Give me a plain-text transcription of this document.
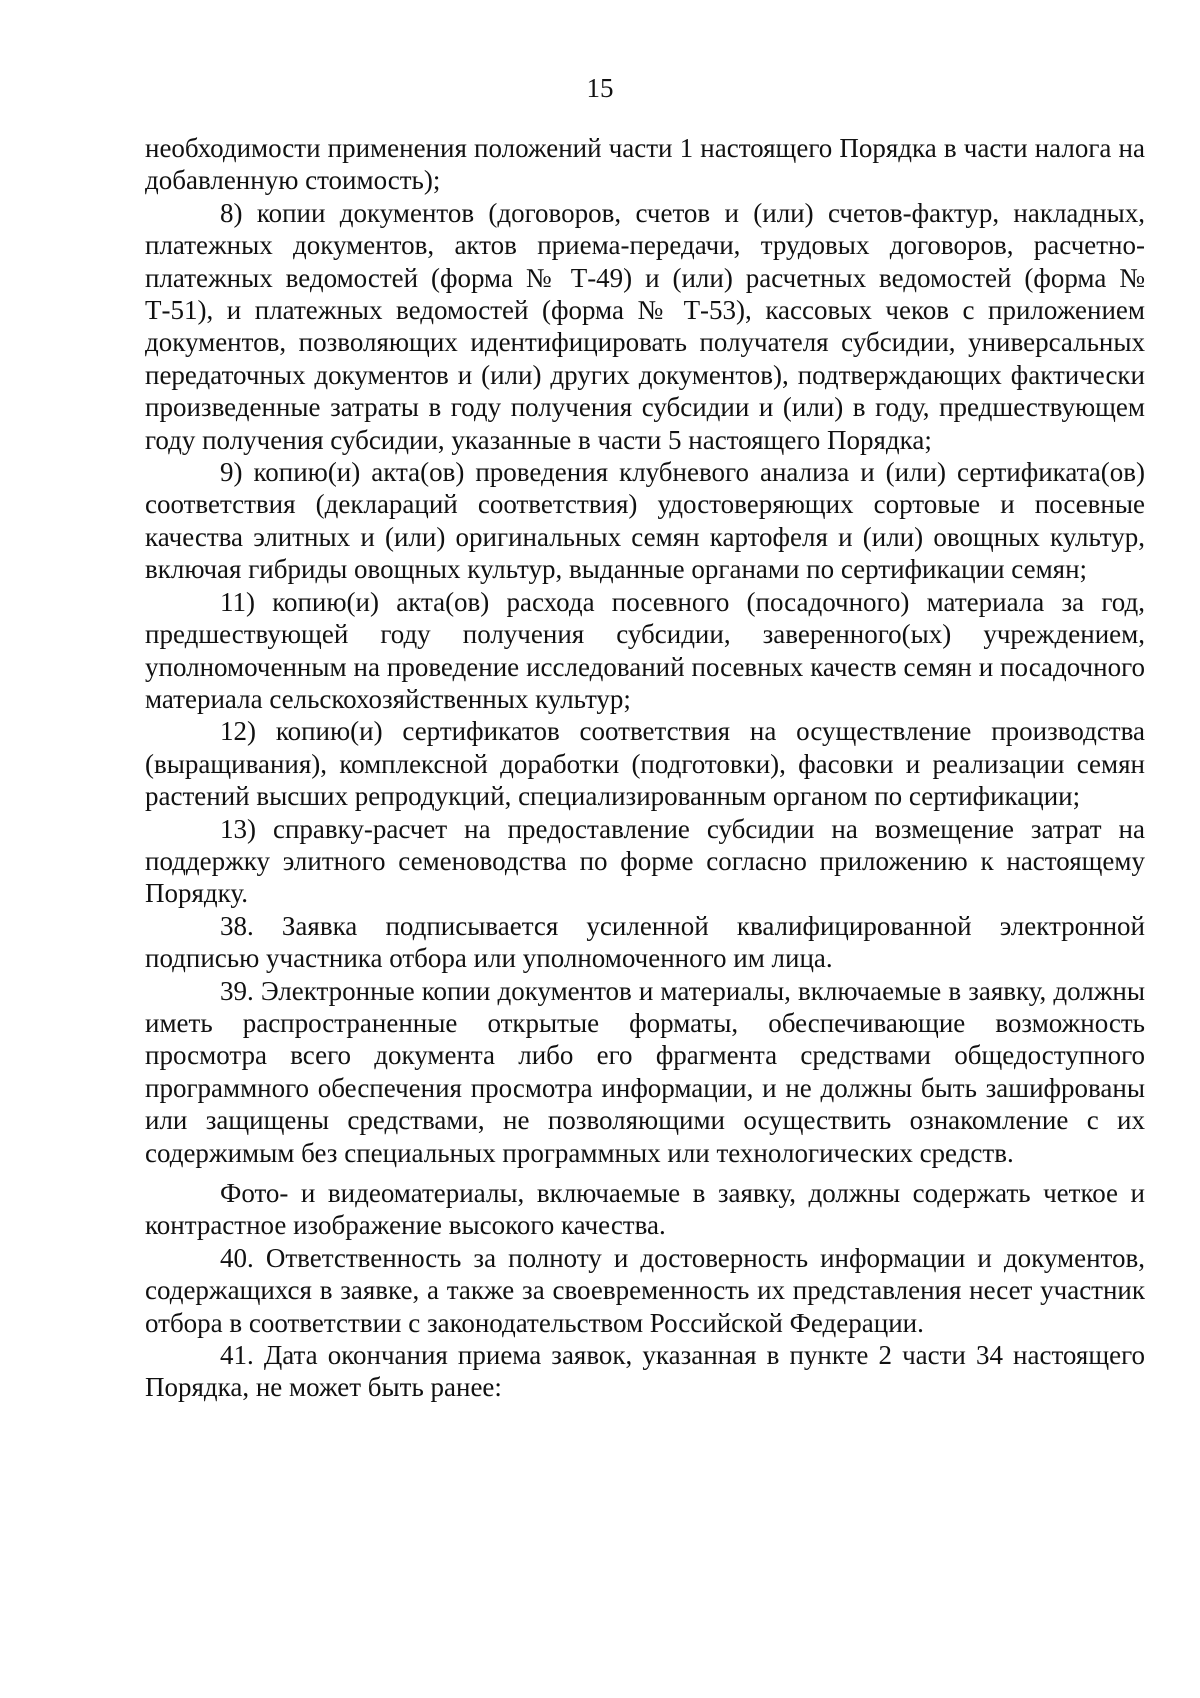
15

необходимости применения положений части 1 настоящего Порядка в части налога на добавленную стоимость);

8) копии документов (договоров, счетов и (или) счетов-фактур, накладных, платежных документов, актов приема-передачи, трудовых договоров, расчетно-платежных ведомостей (форма № Т-49) и (или) расчетных ведомостей (форма № Т-51), и платежных ведомостей (форма № Т-53), кассовых чеков с приложением документов, позволяющих идентифицировать получателя субсидии, универсальных передаточных документов и (или) других документов), подтверждающих фактически произведенные затраты в году получения субсидии и (или) в году, предшествующем году получения субсидии, указанные в части 5 настоящего Порядка;

9) копию(и) акта(ов) проведения клубневого анализа и (или) сертификата(ов) соответствия (деклараций соответствия) удостоверяющих сортовые и посевные качества элитных и (или) оригинальных семян картофеля и (или) овощных культур, включая гибриды овощных культур, выданные органами по сертификации семян;

11) копию(и) акта(ов) расхода посевного (посадочного) материала за год, предшествующей году получения субсидии, заверенного(ых) учреждением, уполномоченным на проведение исследований посевных качеств семян и посадочного материала сельскохозяйственных культур;

12) копию(и) сертификатов соответствия на осуществление производства (выращивания), комплексной доработки (подготовки), фасовки и реализации семян растений высших репродукций, специализированным органом по сертификации;

13) справку-расчет на предоставление субсидии на возмещение затрат на поддержку элитного семеноводства по форме согласно приложению к настоящему Порядку.

38. Заявка подписывается усиленной квалифицированной электронной подписью участника отбора или уполномоченного им лица.

39. Электронные копии документов и материалы, включаемые в заявку, должны иметь распространенные открытые форматы, обеспечивающие возможность просмотра всего документа либо его фрагмента средствами общедоступного программного обеспечения просмотра информации, и не должны быть зашифрованы или защищены средствами, не позволяющими осуществить ознакомление с их содержимым без специальных программных или технологических средств.

Фото- и видеоматериалы, включаемые в заявку, должны содержать четкое и контрастное изображение высокого качества.

40. Ответственность за полноту и достоверность информации и документов, содержащихся в заявке, а также за своевременность их представления несет участник отбора в соответствии с законодательством Российской Федерации.

41. Дата окончания приема заявок, указанная в пункте 2 части 34 настоящего Порядка, не может быть ранее:
